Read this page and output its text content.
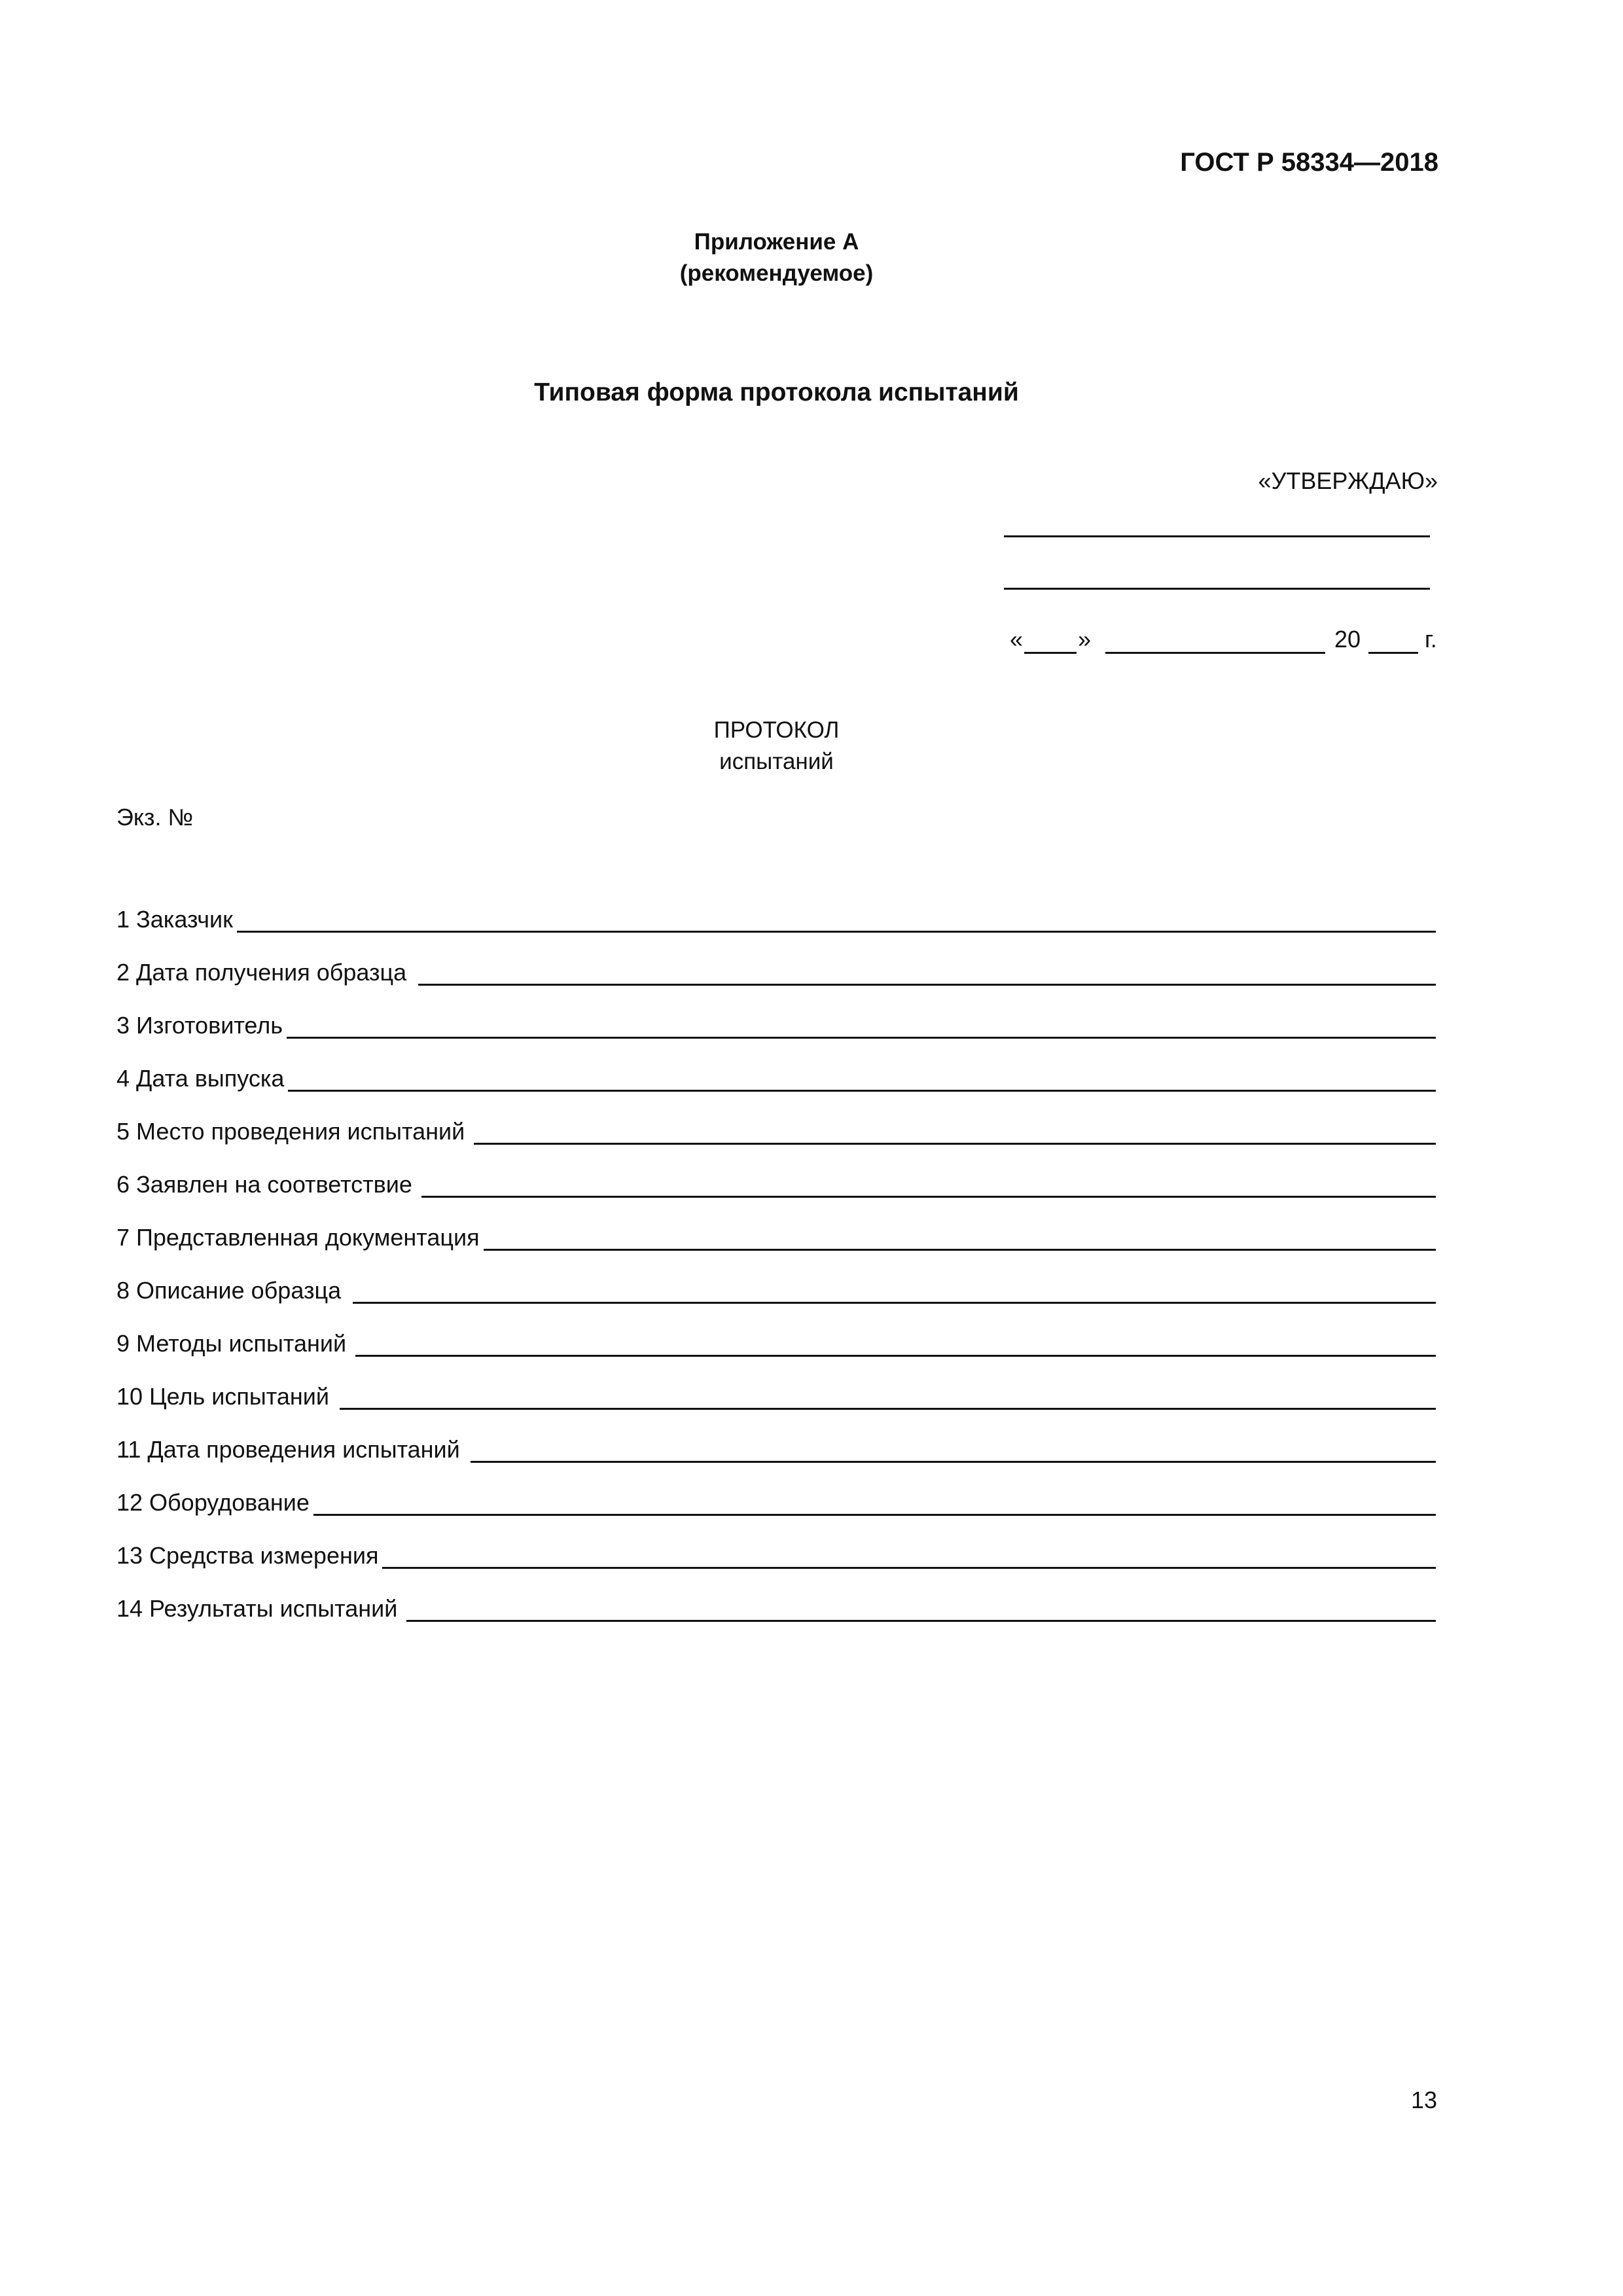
ГОСТ Р 58334—2018
Приложение А
(рекомендуемое)
Типовая форма протокола испытаний
«УТВЕРЖДАЮ»
« »	20	г.
ПРОТОКОЛ
испытаний
Экз. №
1 Заказчик
2 Дата получения образца
3 Изготовитель
4 Дата выпуска
5 Место проведения испытаний
6 Заявлен на соответствие
7 Представленная документация
8 Описание образца
9 Методы испытаний
10 Цель испытаний
11 Дата проведения испытаний
12 Оборудование
13 Средства измерения
14 Результаты испытаний
13
